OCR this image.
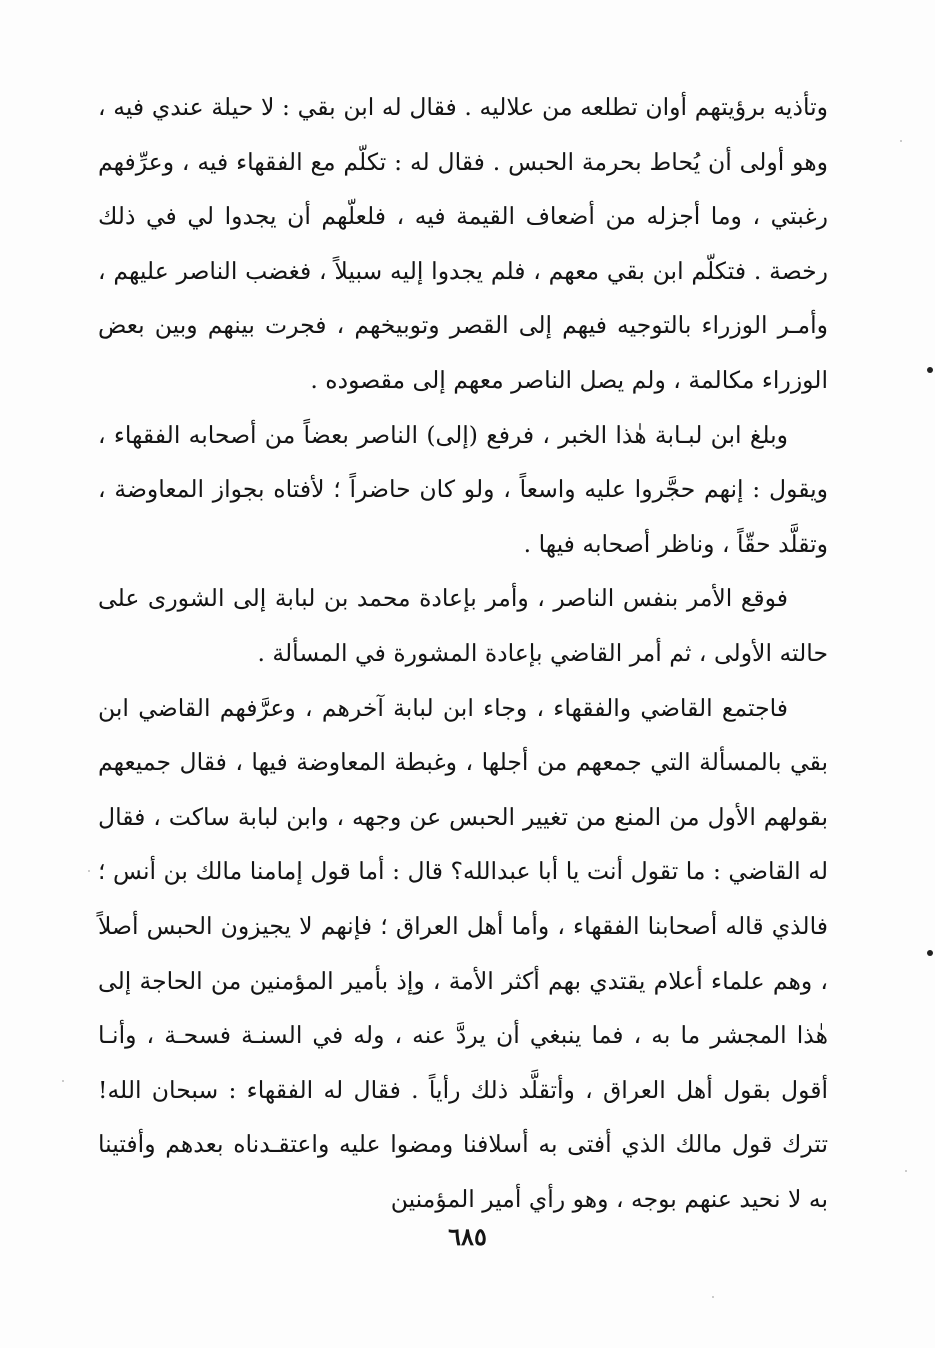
وتأذيه برؤيتهم أوان تطلعه من علاليه . فقال له ابن بقي : لا حيلة عندي فيه ، وهو أولى أن يُحاط بحرمة الحبس . فقال له : تكلّم مع الفقهاء فيه ، وعرِّفهم رغبتي ، وما أجزله من أضعاف القيمة فيه ، فلعلّهم أن يجدوا لي في ذلك رخصة . فتكلّم ابن بقي معهم ، فلم يجدوا إليه سبيلاً ، فغضب الناصر عليهم ، وأمـر الوزراء بالتوجيه فيهم إلى القصر وتوبيخهم ، فجرت بينهم وبين بعض الوزراء مكالمة ، ولم يصل الناصر معهم إلى مقصوده .

وبلغ ابن لبـابة هٰذا الخبر ، فرفع (إلى) الناصر بعضاً من أصحابه الفقهاء ، ويقول : إنهم حجَّروا عليه واسعاً ، ولو كان حاضراً ؛ لأفتاه بجواز المعاوضة ، وتقلَّد حقّاً ، وناظر أصحابه فيها .

فوقع الأمر بنفس الناصر ، وأمر بإعادة محمد بن لبابة إلى الشورى على حالته الأولى ، ثم أمر القاضي بإعادة المشورة في المسألة .

فاجتمع القاضي والفقهاء ، وجاء ابن لبابة آخرهم ، وعرَّفهم القاضي ابن بقي بالمسألة التي جمعهم من أجلها ، وغبطة المعاوضة فيها ، فقال جميعهم بقولهم الأول من المنع من تغيير الحبس عن وجهه ، وابن لبابة ساكت ، فقال له القاضي : ما تقول أنت يا أبا عبدالله؟ قال : أما قول إمامنا مالك بن أنس ؛ فالذي قاله أصحابنا الفقهاء ، وأما أهل العراق ؛ فإنهم لا يجيزون الحبس أصلاً ، وهم علماء أعلام يقتدي بهم أكثر الأمة ، وإذ بأمير المؤمنين من الحاجة إلى هٰذا المجشر ما به ، فما ينبغي أن يردَّ عنه ، وله في السنـة فسحـة ، وأنـا أقول بقول أهل العراق ، وأتقلَّد ذلك رأياً . فقال له الفقهاء : سبحان الله! تترك قول مالك الذي أفتى به أسلافنا ومضوا عليه واعتقـدناه بعدهم وأفتينا به لا نحيد عنهم بوجه ، وهو رأي أمير المؤمنين

٦٨٥
